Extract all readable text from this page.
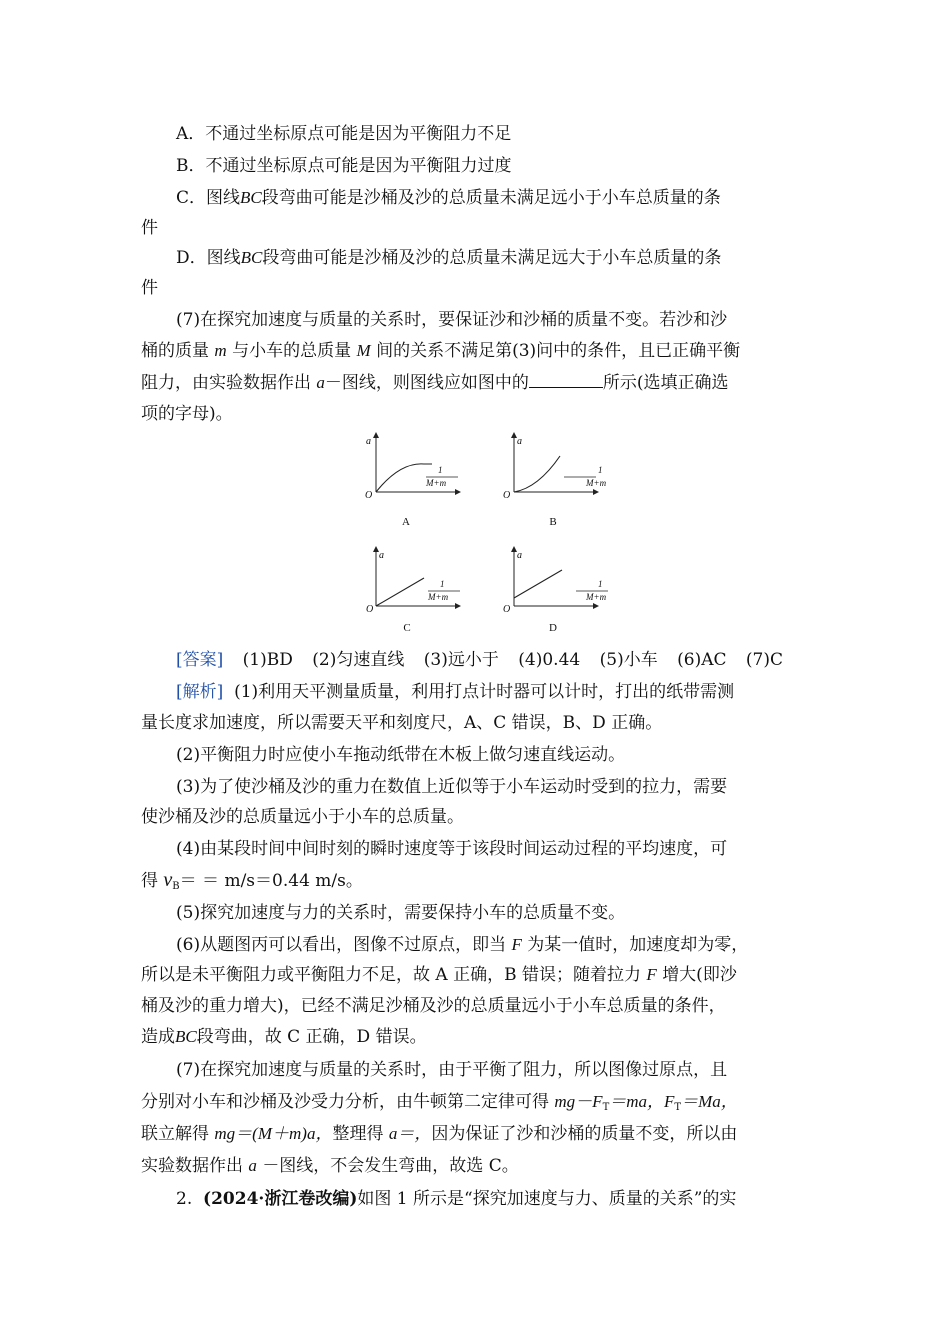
A．不通过坐标原点可能是因为平衡阻力不足
B．不通过坐标原点可能是因为平衡阻力过度
C．图线BC段弯曲可能是沙桶及沙的总质量未满足远小于小车总质量的条
件
D．图线BC段弯曲可能是沙桶及沙的总质量未满足远大于小车总质量的条
件
(7)在探究加速度与质量的关系时，要保证沙和沙桶的质量不变。若沙和沙
桶的质量 m 与小车的总质量 M 间的关系不满足第(3)问中的条件，且已正确平衡
阻力，由实验数据作出 a－图线，则图线应如图中的	所示(选填正确选
项的字母)。
a
O
1
M+m
A
a
O
1
M+m
B
a
O
1
M+m
C
a
O
1
M+m
D
[答案] (1)BD (2)匀速直线 (3)远小于 (4)0.44 (5)小车 (6)AC (7)C
[解析] (1)利用天平测量质量，利用打点计时器可以计时，打出的纸带需测
量长度求加速度，所以需要天平和刻度尺，A、C 错误，B、D 正确。
(2)平衡阻力时应使小车拖动纸带在木板上做匀速直线运动。
(3)为了使沙桶及沙的重力在数值上近似等于小车运动时受到的拉力，需要
使沙桶及沙的总质量远小于小车的总质量。
(4)由某段时间中间时刻的瞬时速度等于该段时间运动过程的平均速度，可
得 $v_B= = m/s=0.44$ m/s。
(5)探究加速度与力的关系时，需要保持小车的总质量不变。
(6)从题图丙可以看出，图像不过原点，即当 F 为某一值时，加速度却为零，
所以是未平衡阻力或平衡阻力不足，故 A 正确，B 错误；随着拉力 F 增大(即沙
桶及沙的重力增大)，已经不满足沙桶及沙的总质量远小于小车总质量的条件，
造成BC段弯曲，故 C 正确，D 错误。
(7)在探究加速度与质量的关系时，由于平衡了阻力，所以图像过原点，且
分别对小车和沙桶及沙受力分析，由牛顿第二定律可得 $mg-F_T=ma$，$F_T=Ma$，
联立解得 mg＝(M＋m)a，整理得 a＝，因为保证了沙和沙桶的质量不变，所以由
实验数据作出 a －图线，不会发生弯曲，故选 C。
2. (2024·浙江卷改编)如图 1 所示是“探究加速度与力、质量的关系”的实
